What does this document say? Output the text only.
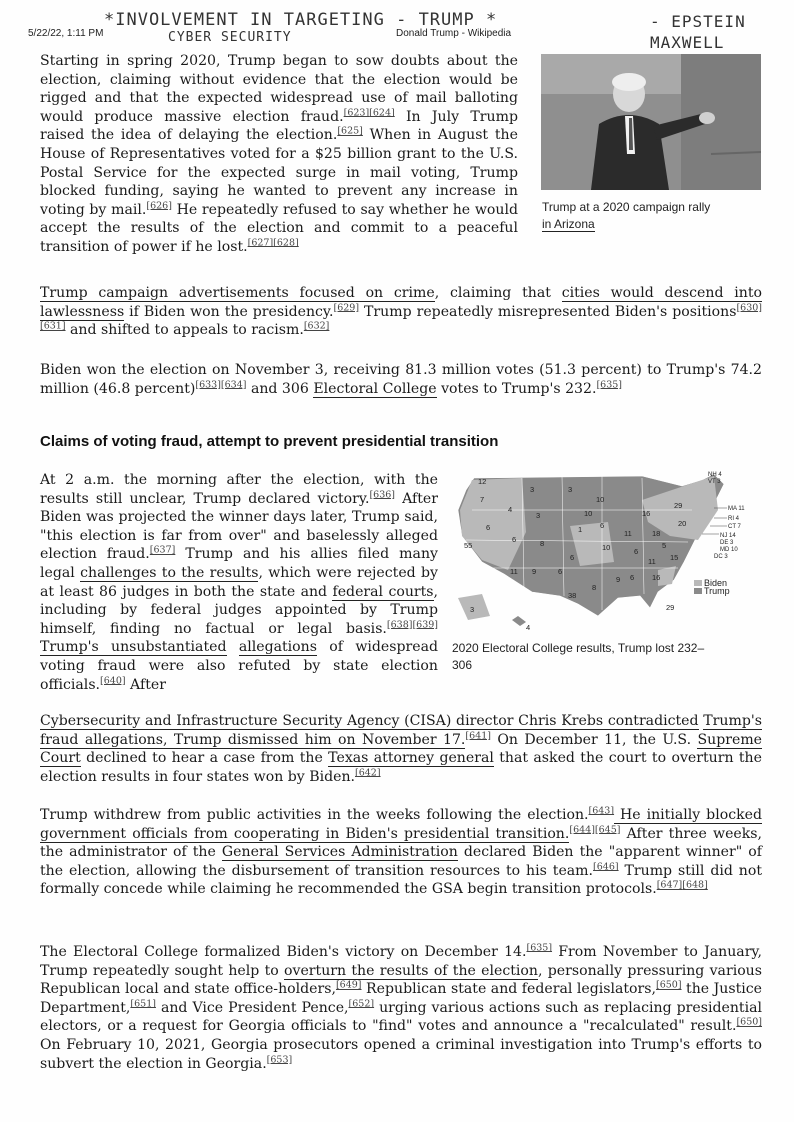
5/22/22, 1:11 PM	Donald Trump - Wikipedia
*INVOLVEMENT IN TARGETING - TRUMP *
CYBER SECURITY
- EPSTEIN
MAXWELL

Starting in spring 2020, Trump began to sow doubts about the election, claiming without evidence that the election would be rigged and that the expected widespread use of mail balloting would produce massive election fraud.[623][624] In July Trump raised the idea of delaying the election.[625] When in August the House of Representatives voted for a $25 billion grant to the U.S. Postal Service for the expected surge in mail voting, Trump blocked funding, saying he wanted to prevent any increase in voting by mail.[626] He repeatedly refused to say whether he would accept the results of the election and commit to a peaceful transition of power if he lost.[627][628]

Trump at a 2020 campaign rally
in Arizona

Trump campaign advertisements focused on crime, claiming that cities would descend into lawlessness if Biden won the presidency.[629] Trump repeatedly misrepresented Biden's positions[630][631] and shifted to appeals to racism.[632]

Biden won the election on November 3, receiving 81.3 million votes (51.3 percent) to Trump's 74.2 million (46.8 percent)[633][634] and 306 Electoral College votes to Trump's 232.[635]

Claims of voting fraud, attempt to prevent presidential transition

At 2 a.m. the morning after the election, with the results still unclear, Trump declared victory.[636] After Biden was projected the winner days later, Trump said, "this election is far from over" and baselessly alleged election fraud.[637] Trump and his allies filed many legal challenges to the results, which were rejected by at least 86 judges in both the state and federal courts, including by federal judges appointed by Trump himself, finding no factual or legal basis.[638][639] Trump's unsubstantiated allegations of widespread voting fraud were also refuted by state election officials.[640] After

Cybersecurity and Infrastructure Security Agency (CISA) director Chris Krebs contradicted Trump's fraud allegations, Trump dismissed him on November 17.[641] On December 11, the U.S. Supreme Court declined to hear a case from the Texas attorney general that asked the court to overturn the election results in four states won by Biden.[642]

12
3	3
7
4
3
10
55
6
6	8
1 6
10
29
20
11	18
16
6
38
8
11
9 6 16
29
3
4
5
15
6
9
6
10
11
NH 4
VT 3
MA 11
RI 4
CT 7
NJ 14
DE 3
MD 10
DC 3
Biden
Trump
2020 Electoral College results, Trump lost 232–
306

Trump withdrew from public activities in the weeks following the election.[643] He initially blocked government officials from cooperating in Biden's presidential transition.[644][645] After three weeks, the administrator of the General Services Administration declared Biden the "apparent winner" of the election, allowing the disbursement of transition resources to his team.[646] Trump still did not formally concede while claiming he recommended the GSA begin transition protocols.[647][648]

The Electoral College formalized Biden's victory on December 14.[635] From November to January, Trump repeatedly sought help to overturn the results of the election, personally pressuring various Republican local and state office-holders,[649] Republican state and federal legislators,[650] the Justice Department,[651] and Vice President Pence,[652] urging various actions such as replacing presidential electors, or a request for Georgia officials to "find" votes and announce a "recalculated" result.[650] On February 10, 2021, Georgia prosecutors opened a criminal investigation into Trump's efforts to subvert the election in Georgia.[653]
